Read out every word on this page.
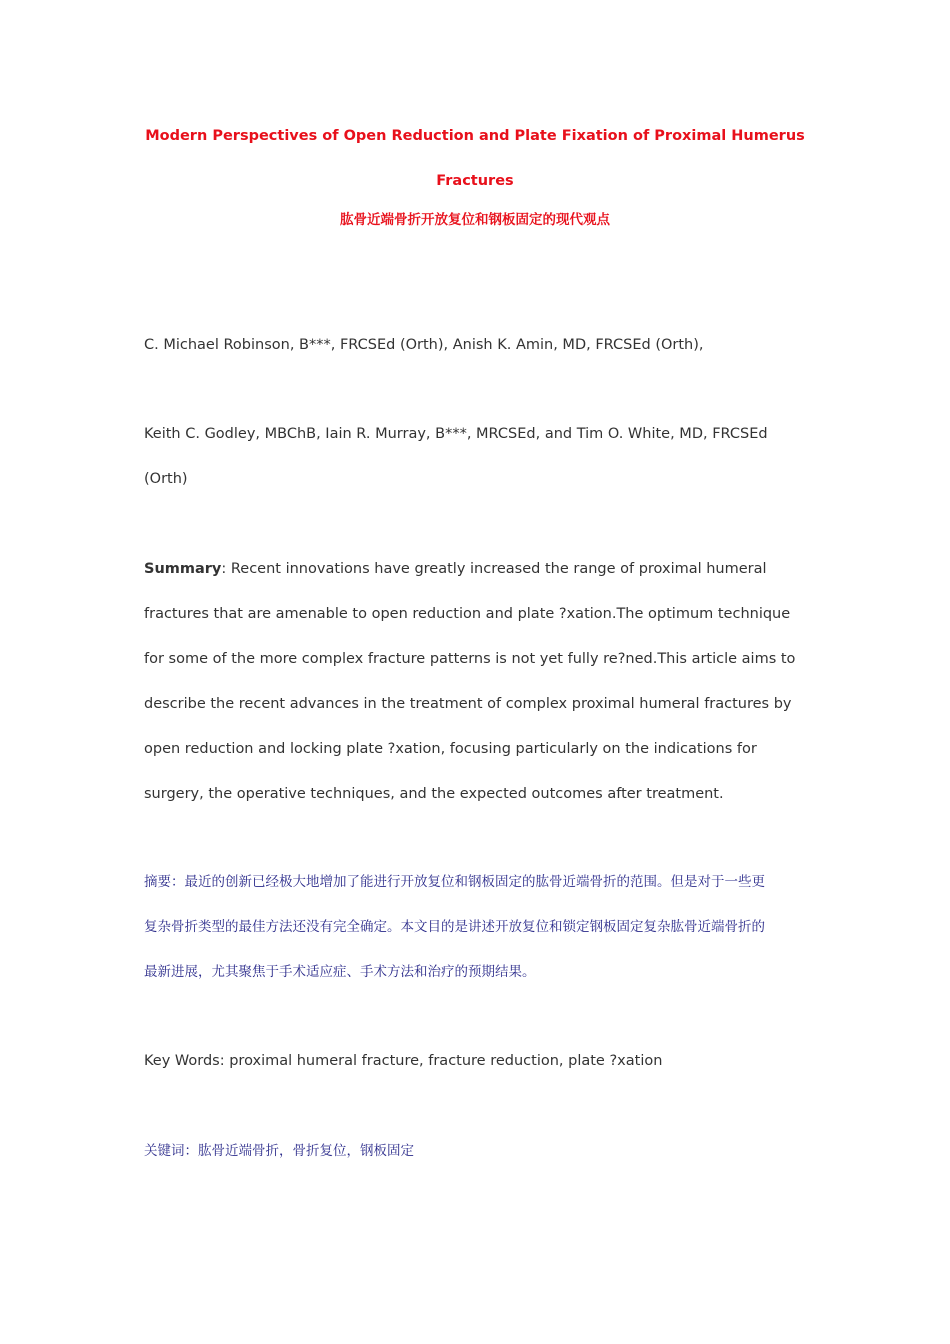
Modern Perspectives of Open Reduction and Plate Fixation of Proximal Humerus
Fractures
肱骨近端骨折开放复位和钢板固定的现代观点
C. Michael Robinson, B***, FRCSEd (Orth), Anish K. Amin, MD, FRCSEd (Orth),
Keith C. Godley, MBChB, Iain R. Murray, B***, MRCSEd, and Tim O. White, MD, FRCSEd
(Orth)
Summary: Recent innovations have greatly increased the range of proximal humeral
fractures that are amenable to open reduction and plate ?xation.The optimum technique
for some of the more complex fracture patterns is not yet fully re?ned.This article aims to
describe the recent advances in the treatment of complex proximal humeral fractures by
open reduction and locking plate ?xation, focusing particularly on the indications for
surgery, the operative techniques, and the expected outcomes after treatment.
摘要：最近的创新已经极大地增加了能进行开放复位和钢板固定的肱骨近端骨折的范围。但是对于一些更
复杂骨折类型的最佳方法还没有完全确定。本文目的是讲述开放复位和锁定钢板固定复杂肱骨近端骨折的
最新进展，尤其聚焦于手术适应症、手术方法和治疗的预期结果。
Key Words: proximal humeral fracture, fracture reduction, plate ?xation
关键词：肱骨近端骨折，骨折复位，钢板固定
